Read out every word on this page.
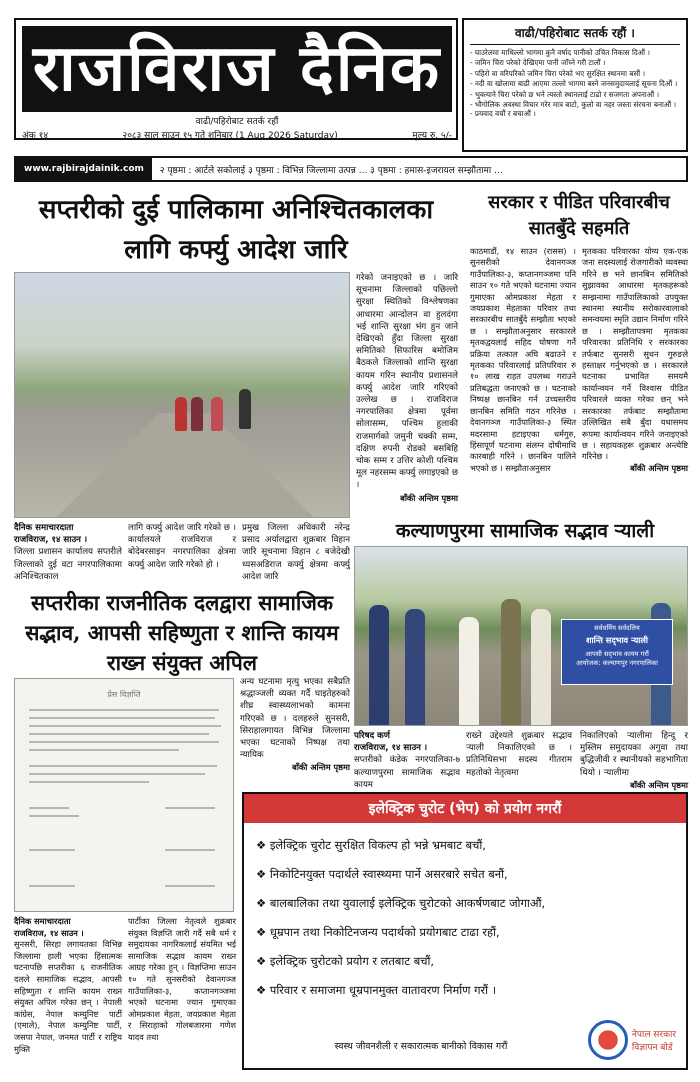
राजविराज दैनिक
वाढी/पहिरोबाट सतर्क रहौं
अंक १४	२०८३ साल साउन १५ गते शनिबार (1 Aug 2026 Saturday)	मूल्य रु. ५/-
वाढी/पहिरोबाट सतर्क रहौं ।
- घाउरेलमा माथिल्लो भागमा कुनै वर्षाद पानीको उचित निकास दिऔं ।
- जमिन चिरा परेको देखिएमा पानी जाँच्ने गरी टालौं ।
- पहिरो वा वरिपरिको जमिन चिरा परेको भए सुरक्षित स्थानमा बसौं ।
- नदी वा खोलामा बाढी आएमा तल्लो भागमा बस्ने जनसमुदायलाई सूचना दिऔं ।
- भुक्त्याने चिरा परेको छ भने त्यस्तो स्थानलाई टाढो र सजगता अपनाऔं ।
- भौगोलिक अवस्था विचार गरेर मात्र बाटो, कुलो वा नहर जस्ता संरचना बनाऔं । - प्रयवाद वचौं र बचाऔं ।
www.rajbirajdainik.com	२ पृष्ठमा : आर्टले सकोलाई ३ पृष्ठमा : विभिन्न जिल्लामा उत्पन्न ... ३ पृष्ठमा : हमास-इजरायल सम्झौतामा ...
सप्तरीको दुई पालिकामा अनिश्चितकालका लागि कर्फ्यु आदेश जारि
गरेको जनाइएको छ । जारि सूचनामा जिल्लाको पछिल्लो सुरक्षा स्थितिको विश्लेषणका आधारमा आन्दोलन वा हुलदंगा भई शान्ति सुरक्षा भंग हुन जाने देखिएको हुँदा जिल्ला सुरक्षा समितिको सिफारिस बमोजिम बैठकले जिल्लाको शान्ति सुरक्षा कायम गरिन स्थानीय प्रशासनले कर्फ्यु आदेश जारि गरिएको उल्लेख छ । राजविराज नगरपालिका क्षेत्रमा पूर्वमा सोलासम्म, पश्चिम हुलाकी राजमार्गको जमुनी चक्की सम्म, दक्षिण रुपनी रोडको बसबिहि चोक सम्म र उत्तिर कोशी पश्चिम मूल नहरसम्म कर्फ्यु लगाइएको छ ।
बाँकी अन्तिम पृष्ठमा
दैनिक समाचारदाता
राजविराज, १४ साउन ।
जिल्ला प्रशासन कार्यालय सप्तरीले जिल्लाको दुई वटा नगरपालिकामा अनिश्चितकाल
लागि कर्फ्यु आदेश जारि गरेको छ । कार्यालयले राजविराज र बोदेबरसाइन नगरपालिका क्षेत्रमा कर्फ्यु आदेश जारि गरेको हो ।
प्रमुख जिल्ला अधिकारी नरेन्द्र प्रसाद अर्यालद्वारा शुक्रबार विहान जारि सूचनामा विहान ८ बजेदेखी ध्यसअडिराज कर्फ्यु क्षेत्रमा कर्फ्यु आदेश जारि
सरकार र पीडित परिवारबीच सातबुँदे सहमति
काठमाडौं, १४ साउन (रासस) । सुनसरीको देवानगञ्ज गाउँपालिका-३, कप्तानगञ्जमा पनि साउन १० गते भएको घटनामा ज्यान गुमाएका ओमप्रकाश मेहता र जयप्रकाश मेहताका परिवार तथा सरकारबीच सातबुँदे सम्झौता भएको छ । सम्झौताअनुसार सरकारले मृतकद्वयलाई सहिद घोषणा गर्ने प्रक्रिया तत्काल अघि बढाउने र मृतकका परिवारलाई प्रतिपरिवार रु १० लाख राहत उपलब्ध गराउने प्रतिबद्धता जनाएको छ । घटनाको निष्पक्ष छानबिन गर्न उच्चस्तरीय छानबिन समिति गठन गरिनेछ । देवानगञ्ज गाउँपालिका-३ स्थित मदरसामा हटाइएका धर्मगुरु, हिंसापूर्ण घटनामा संलग्न दोषीमाथि कारबाही गरिने । छानबिन पालिने भएको छ । सम्झौताअनुसार
मृतकका परिवारका योग्य एक-एक जना सदस्यलाई रोजगारीको व्यवस्था गरिने छ भने छानबिन समितिको सुझावका आधारमा मृतकहरूको सम्झनामा गाउँपालिकाको उपयुक्त स्थानमा स्थानीय सरोकारवालाको समन्वयमा स्मृति उद्यान निर्माण गरिने छ । सम्झौतापत्रमा मृतकका परिवारका प्रतिनिधि र सरकारका तर्फबाट सुनसरी सुधन गुरुङले हस्ताक्षर गर्नुभएको छ । सरकारले घटनाका प्रभावित समयमै कार्यान्वयन गर्ने विश्वास पीडित परिवारले व्यक्त गरेका छन् भने सरकारका तर्फबाट सम्झौतामा उल्लिखित सबै बुँदा यथासमय रूपमा कार्यान्वयन गरिने जनाइएको छ । सहायकहरू शुक्रबार अन्त्येष्टि गरिनेछ ।
बाँकी अन्तिम पृष्ठमा
कल्याणपुरमा सामाजिक सद्भाव र्‍याली
सर्वधर्मिय सर्वदलिय
शान्ति सद्‌भाव र्‍याली
आपसी सद्‌भाव कायम गरौं
आयोजक: कल्याणपुर नगरपालिका
परिषद कर्ण
राजविराज, १४ साउन ।
सप्तरीको कंडेक नगरपालिका-७ कल्याणपुरमा सामाजिक सद्भाव कायम
राख्ने उद्देश्यले शुक्रबार सद्भाव र्‍याली निकालिएको छ । प्रतिनिधिसभा सदस्य गीतराम महतोको नेतृत्वमा
निकालिएको र्‍यालीमा हिन्दु र मुस्लिम समुदायका अगुवा तथा बुद्धिजीवी र स्थानीयको सहभागिता थियो । र्‍यालीमा
बाँकी अन्तिम पृष्ठमा
सप्तरीका राजनीतिक दलद्वारा सामाजिक सद्भाव, आपसी सहिष्णुता र शान्ति कायम राख्न संयुक्त अपिल
प्रेस विज्ञप्ति
अन्य घटनामा मृत्यु भएका सबैप्रति श्रद्धाञ्जली व्यक्त गर्दै घाइतेहरुको शीघ्र स्वास्थ्यलाभको कामना गरिएको छ । दलहरुले सुनसरी, सिराहालगायत विभिन्न जिल्लामा भएका घटनाको निष्पक्ष तथा न्यायिक
बाँकी अन्तिम पृष्ठमा
दैनिक समाचारदाता
राजविराज, १४ साउन ।
सुनसरी, सिरहा लगायतका विभिन्न जिल्लामा हाली भएका हिंसात्मक घटनापछि सप्तरीका ६ राजनीतिक दलले सामाजिक सद्भाव, आपसी सहिष्णुता र शान्ति कायम राख्न संयुक्त अपिल गरेका छन् । नेपाली कांग्रेस, नेपाल कम्युनिष्ट पार्टी (एमाले), नेपाल कम्युनिष्ट पार्टी, जसपा नेपाल, जनमत पार्टी र राष्ट्रिय मुक्ति
पार्टीका जिल्ला नेतृत्वले शुक्रबार संयुक्त विज्ञप्ति जारी गर्दै सबै धर्म र समुदायका नागरिकलाई संयमित भई सामाजिक सद्भाव कायम राख्न आग्रह गरेका हुन् । विज्ञप्तिमा साउन १० गते सुनसरीको देवानगञ्ज गाउँपालिका-३, कप्तानगञ्जमा भएको घटनामा ज्यान गुमाएका ओमप्रकाश मेहता, जयप्रकाश मेहता र सिराहाको गोलबजारमा गणेश यादव तथा
इलेक्ट्रिक चुरोट (भेप) को प्रयोग नगरौं
❖ इलेक्ट्रिक चुरोट सुरक्षित विकल्प हो भन्ने भ्रमबाट बचौं,
❖ निकोटिनयुक्त पदार्थले स्वास्थ्यमा पार्ने असरबारे सचेत बनौं,
❖ बालबालिका तथा युवालाई इलेक्ट्रिक चुरोटको आकर्षणबाट जोगाऔं,
❖ धूम्रपान तथा निकोटिनजन्य पदार्थको प्रयोगबाट टाढा रहौं,
❖ इलेक्ट्रिक चुरोटको प्रयोग र लतबाट बचौं,
❖ परिवार र समाजमा धूम्रपानमुक्त वातावरण निर्माण गरौं ।
स्वस्थ जीवनशैली र सकारात्मक बानीको विकास गरौं
नेपाल सरकार
विज्ञापन बोर्ड
